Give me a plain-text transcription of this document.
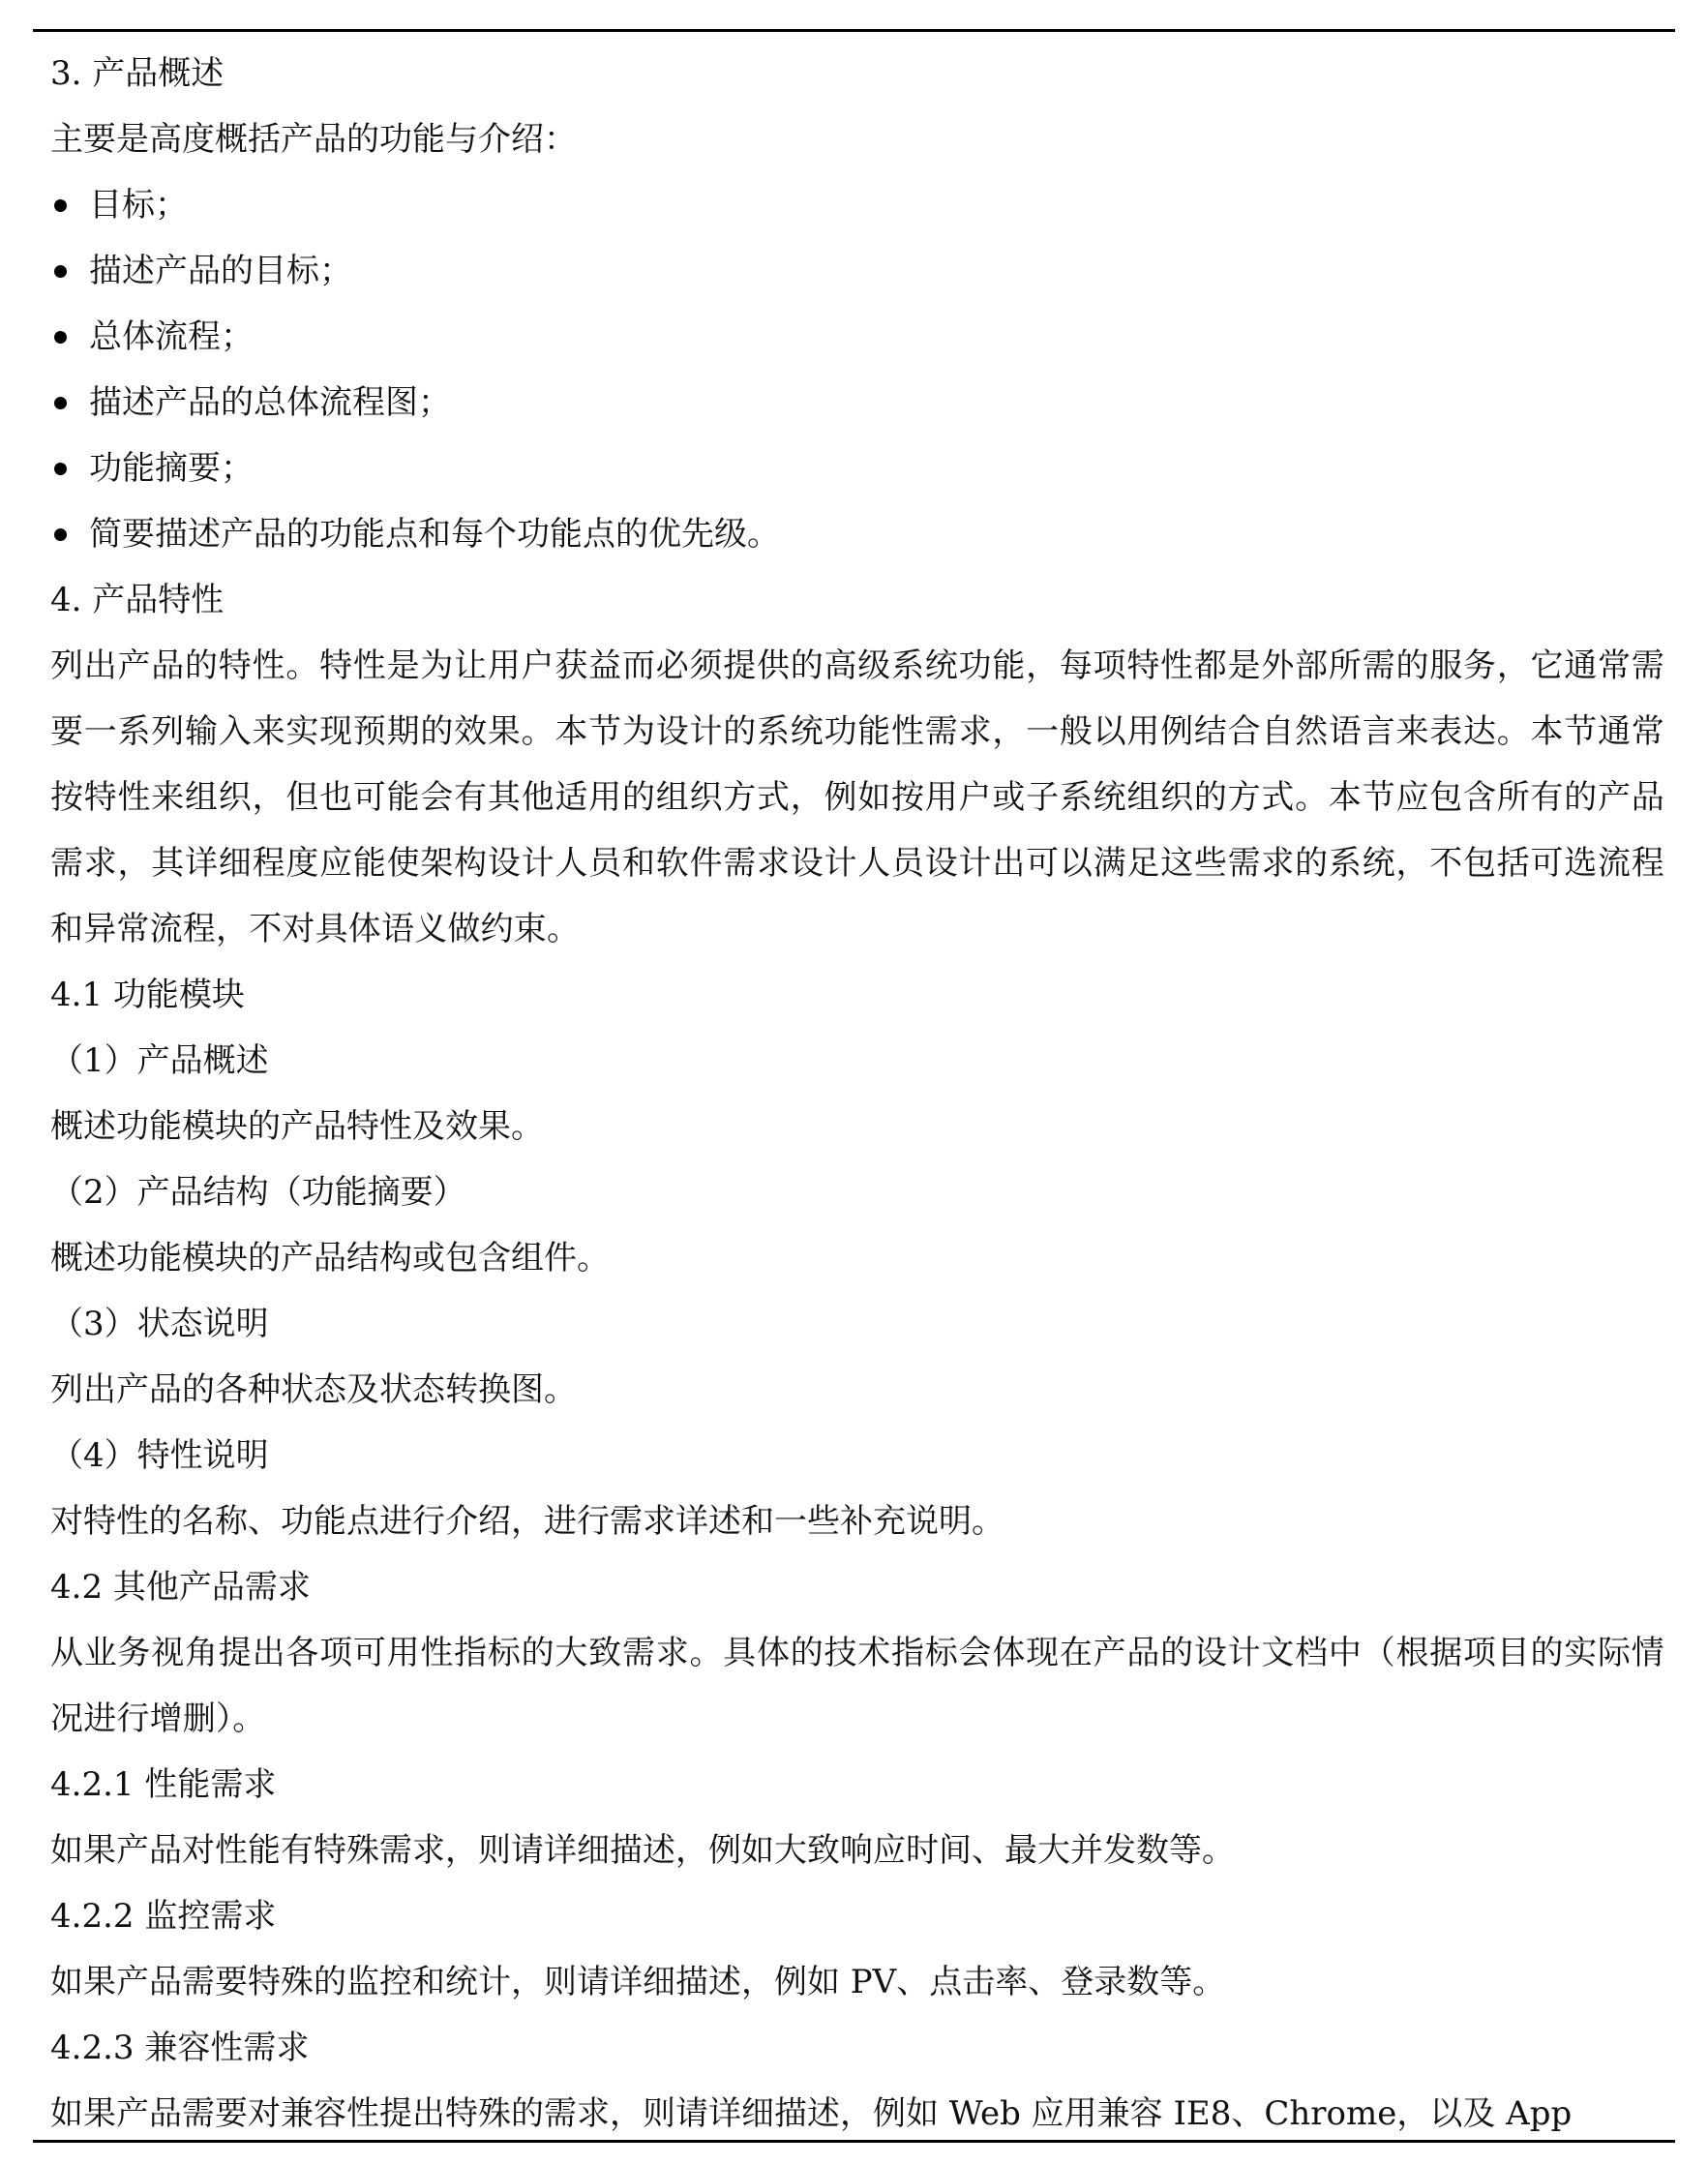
3. 产品概述
主要是高度概括产品的功能与介绍：
目标；
描述产品的目标；
总体流程；
描述产品的总体流程图；
功能摘要；
简要描述产品的功能点和每个功能点的优先级。
4. 产品特性
列出产品的特性。特性是为让用户获益而必须提供的高级系统功能，每项特性都是外部所需的服务，它通常需要一系列输入来实现预期的效果。本节为设计的系统功能性需求，一般以用例结合自然语言来表达。本节通常按特性来组织，但也可能会有其他适用的组织方式，例如按用户或子系统组织的方式。本节应包含所有的产品需求，其详细程度应能使架构设计人员和软件需求设计人员设计出可以满足这些需求的系统，不包括可选流程和异常流程，不对具体语义做约束。
4.1 功能模块
（1）产品概述
概述功能模块的产品特性及效果。
（2）产品结构（功能摘要）
概述功能模块的产品结构或包含组件。
（3）状态说明
列出产品的各种状态及状态转换图。
（4）特性说明
对特性的名称、功能点进行介绍，进行需求详述和一些补充说明。
4.2 其他产品需求
从业务视角提出各项可用性指标的大致需求。具体的技术指标会体现在产品的设计文档中（根据项目的实际情况进行增删）。
4.2.1 性能需求
如果产品对性能有特殊需求，则请详细描述，例如大致响应时间、最大并发数等。
4.2.2 监控需求
如果产品需要特殊的监控和统计，则请详细描述，例如 PV、点击率、登录数等。
4.2.3 兼容性需求
如果产品需要对兼容性提出特殊的需求，则请详细描述，例如 Web 应用兼容 IE8、Chrome，以及 App
